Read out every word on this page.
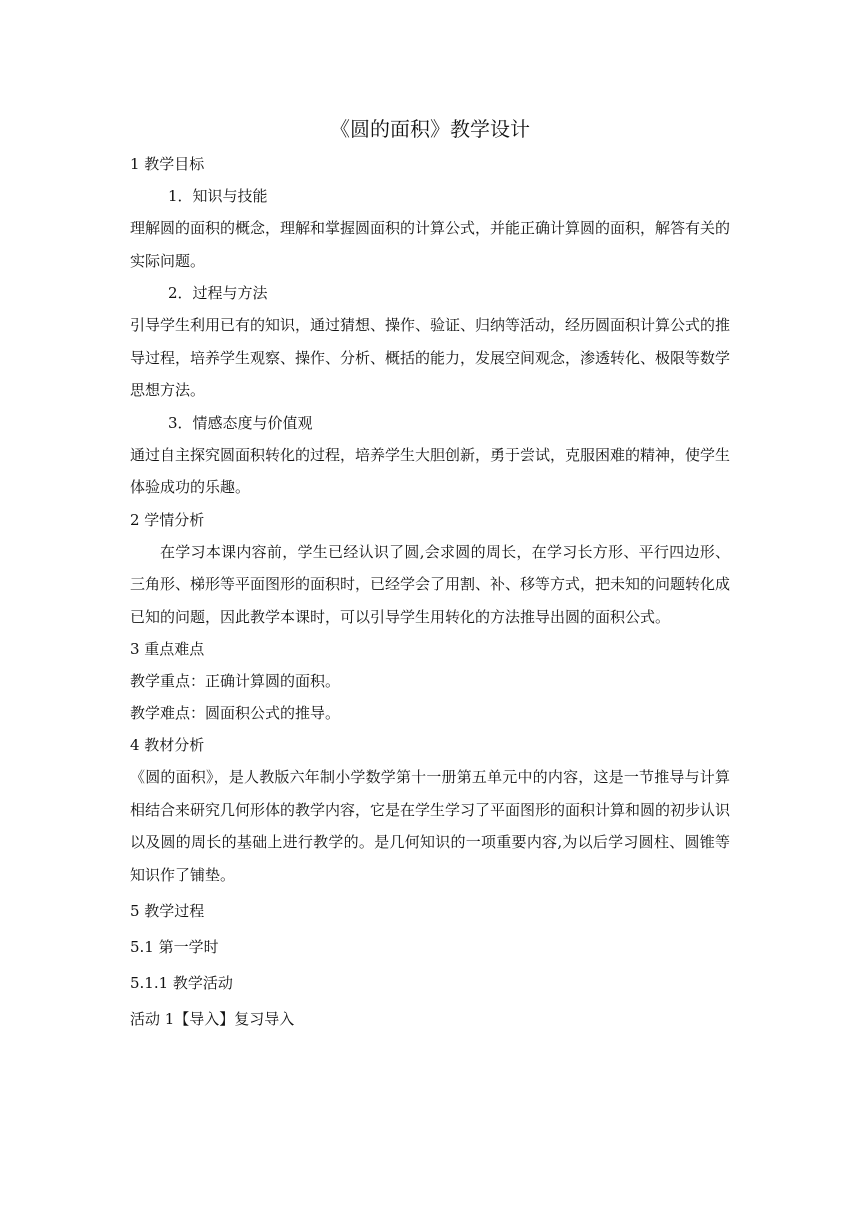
《圆的面积》教学设计
1 教学目标
1．知识与技能
理解圆的面积的概念，理解和掌握圆面积的计算公式，并能正确计算圆的面积，解答有关的实际问题。
2．过程与方法
引导学生利用已有的知识，通过猜想、操作、验证、归纳等活动，经历圆面积计算公式的推导过程，培养学生观察、操作、分析、概括的能力，发展空间观念，渗透转化、极限等数学思想方法。
3．情感态度与价值观
通过自主探究圆面积转化的过程，培养学生大胆创新，勇于尝试，克服困难的精神，使学生体验成功的乐趣。
2 学情分析
在学习本课内容前，学生已经认识了圆,会求圆的周长，在学习长方形、平行四边形、三角形、梯形等平面图形的面积时，已经学会了用割、补、移等方式，把未知的问题转化成已知的问题，因此教学本课时，可以引导学生用转化的方法推导出圆的面积公式。
3 重点难点
教学重点：正确计算圆的面积。
教学难点：圆面积公式的推导。
4 教材分析
《圆的面积》，是人教版六年制小学数学第十一册第五单元中的内容，这是一节推导与计算相结合来研究几何形体的教学内容，它是在学生学习了平面图形的面积计算和圆的初步认识以及圆的周长的基础上进行教学的。是几何知识的一项重要内容,为以后学习圆柱、圆锥等知识作了铺垫。
5 教学过程
5.1 第一学时
5.1.1 教学活动
活动 1【导入】复习导入
